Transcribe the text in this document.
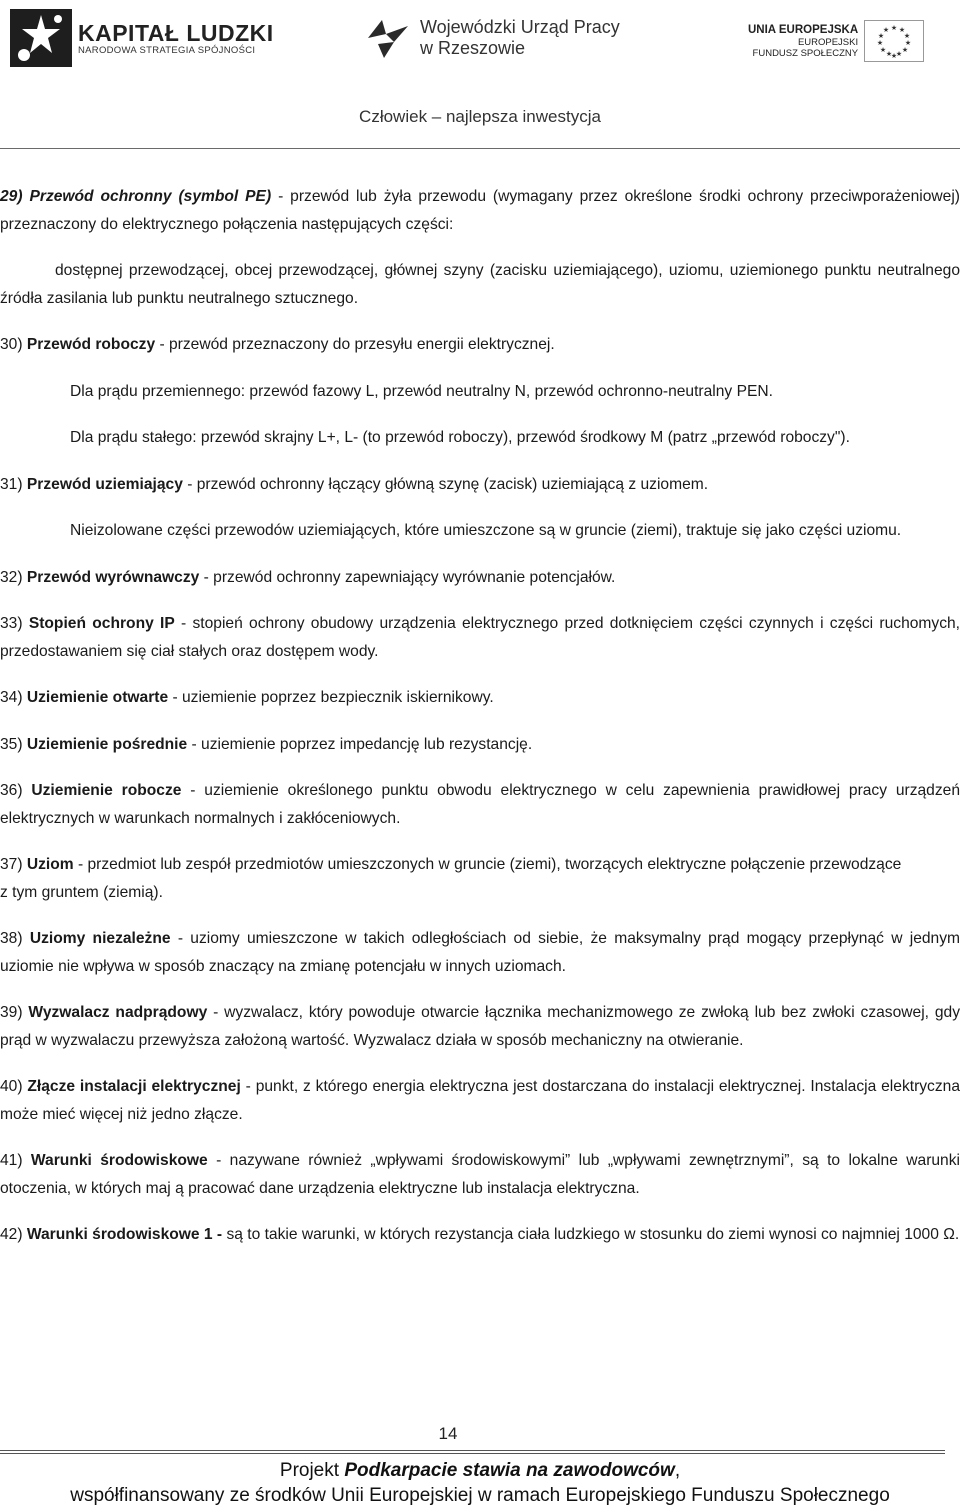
KAPITAŁ LUDZKI
NARODOWA STRATEGIA SPÓJNOŚCI
Wojewódzki Urząd Pracy
w Rzeszowie
UNIA EUROPEJSKA
EUROPEJSKI
FUNDUSZ SPOŁECZNY
★ ★
★
★
★
★
★
★
★
★
★
★
Człowiek – najlepsza inwestycja

29) Przewód ochronny (symbol PE) - przewód lub żyła przewodu (wymagany przez określone środki ochrony przeciwporażeniowej) przeznaczony do elektrycznego połączenia następujących części:

dostępnej przewodzącej, obcej przewodzącej, głównej szyny (zacisku uziemiającego), uziomu, uziemionego punktu neutralnego źródła zasilania lub punktu neutralnego sztucznego.

30) Przewód roboczy - przewód przeznaczony do przesyłu energii elektrycznej.

Dla prądu przemiennego: przewód fazowy L, przewód neutralny N, przewód ochronno-neutralny PEN.

Dla prądu stałego: przewód skrajny L+, L- (to przewód roboczy), przewód środkowy M (patrz „przewód roboczy").

31) Przewód uziemiający - przewód ochronny łączący główną szynę (zacisk) uziemiającą z uziomem.

Nieizolowane części przewodów uziemiających, które umieszczone są w gruncie (ziemi), traktuje się jako części uziomu.

32) Przewód wyrównawczy - przewód ochronny zapewniający wyrównanie potencjałów.

33) Stopień ochrony IP - stopień ochrony obudowy urządzenia elektrycznego przed dotknięciem części czynnych i części ruchomych, przedostawaniem się ciał stałych oraz dostępem wody.

34) Uziemienie otwarte - uziemienie poprzez bezpiecznik iskiernikowy.

35) Uziemienie pośrednie - uziemienie poprzez impedancję lub rezystancję.

36) Uziemienie robocze - uziemienie określonego punktu obwodu elektrycznego w celu zapewnienia prawidłowej pracy urządzeń elektrycznych w warunkach normalnych i zakłóceniowych.

37) Uziom - przedmiot lub zespół przedmiotów umieszczonych w gruncie (ziemi), tworzących elektryczne połączenie przewodzące

z tym gruntem (ziemią).

38) Uziomy niezależne - uziomy umieszczone w takich odległościach od siebie, że maksymalny prąd mogący przepłynąć w jednym uziomie nie wpływa w sposób znaczący na zmianę potencjału w innych uziomach.

39) Wyzwalacz nadprądowy - wyzwalacz, który powoduje otwarcie łącznika mechanizmowego ze zwłoką lub bez zwłoki czasowej, gdy prąd w wyzwalaczu przewyższa założoną wartość. Wyzwalacz działa w sposób mechaniczny na otwieranie.

40) Złącze instalacji elektrycznej - punkt, z którego energia elektryczna jest dostarczana do instalacji elektrycznej. Instalacja elektryczna może mieć więcej niż jedno złącze.

41) Warunki środowiskowe - nazywane również „wpływami środowiskowymi” lub „wpływami zewnętrznymi”, są to lokalne warunki otoczenia, w których maj ą pracować dane urządzenia elektryczne lub instalacja elektryczna.

42) Warunki środowiskowe 1 - są to takie warunki, w których rezystancja ciała ludzkiego w stosunku do ziemi wynosi co najmniej 1000 Ω.

14
Projekt Podkarpacie stawia na zawodowców,
współfinansowany ze środków Unii Europejskiej w ramach Europejskiego Funduszu Społecznego
